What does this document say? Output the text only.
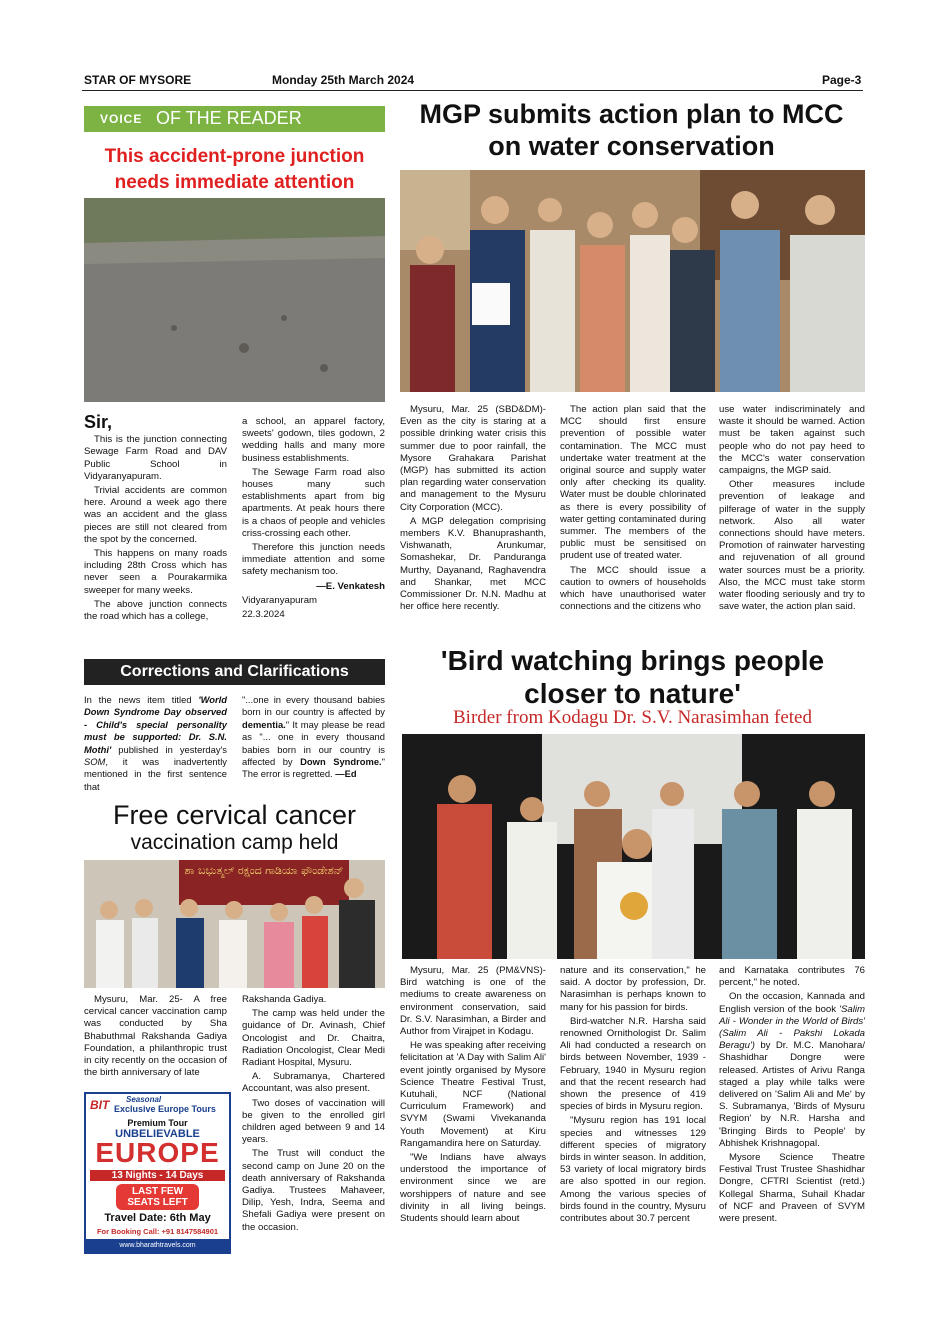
STAR OF MYSORE	Monday 25th March 2024	Page-3
VOICE OF THE READER
This accident-prone junction
needs immediate attention

Sir,

This is the junction connecting Sewage Farm Road and DAV Public School in Vidyaranyapuram.

Trivial accidents are common here. Around a week ago there was an accident and the glass pieces are still not cleared from the spot by the concerned.

This happens on many roads including 28th Cross which has never seen a Pourakarmika sweeper for many weeks.

The above junction connects the road which has a college,

a school, an apparel factory, sweets' godown, tiles godown, 2 wedding halls and many more business establishments.

The Sewage Farm road also houses many such establishments apart from big apartments. At peak hours there is a chaos of people and vehicles criss-crossing each other.

Therefore this junction needs immediate attention and some safety mechanism too.

—E. Venkatesh

Vidyaranyapuram

22.3.2024

MGP submits action plan to MCC
on water conservation

Mysuru, Mar. 25 (SBD&DM)- Even as the city is staring at a possible drinking water crisis this summer due to poor rainfall, the Mysore Grahakara Parishat (MGP) has submitted its action plan regarding water conservation and management to the Mysuru City Corporation (MCC).

A MGP delegation comprising members K.V. Bhanuprashanth, Vishwanath, Arunkumar, Somashekar, Dr. Panduranga Murthy, Dayanand, Raghavendra and Shankar, met MCC Commissioner Dr. N.N. Madhu at her office here recently.

The action plan said that the MCC should first ensure prevention of possible water contamination. The MCC must undertake water treatment at the original source and supply water only after checking its quality. Water must be double chlorinated as there is every possibility of water getting contaminated during summer. The members of the public must be sensitised on prudent use of treated water.

The MCC should issue a caution to owners of households which have unauthorised water connections and the citizens who

use water indiscriminately and waste it should be warned. Action must be taken against such people who do not pay heed to the MCC's water conservation campaigns, the MGP said.

Other measures include prevention of leakage and pilferage of water in the supply network. Also all water connections should have meters. Promotion of rainwater harvesting and rejuvenation of all ground water sources must be a priority. Also, the MCC must take storm water flooding seriously and try to save water, the action plan said.

Corrections and Clarifications
In the news item titled 'World Down Syndrome Day observed - Child's special personality must be supported: Dr. S.N. Mothi' published in yesterday's SOM, it was inadvertently mentioned in the first sentence that
"...one in every thousand babies born in our country is affected by dementia." It may please be read as "... one in every thousand babies born in our country is affected by Down Syndrome." The error is regretted. —Ed
Free cervical cancer
vaccination camp held
ಶಾ ಬಭುತ್ಮಲ್ ರಕ್ಷಂದ ಗಾಡಿಯಾ ಫೌಂಡೇಶನ್

Mysuru, Mar. 25- A free cervical cancer vaccination camp was conducted by Sha Bhabuthmal Rakshanda Gadiya Foundation, a philanthropic trust in city recently on the occasion of the birth anniversary of late

Rakshanda Gadiya.

The camp was held under the guidance of Dr. Avinash, Chief Oncologist and Dr. Chaitra, Radiation Oncologist, Clear Medi Radiant Hospital, Mysuru.

A. Subramanya, Chartered Accountant, was also present.

Two doses of vaccination will be given to the enrolled girl children aged between 9 and 14 years.

The Trust will conduct the second camp on June 20 on the death anniversary of Rakshanda Gadiya. Trustees Mahaveer, Dilip, Yesh, Indra, Seema and Shefali Gadiya were present on the occasion.

BIT Seasonal
Exclusive Europe Tours
Premium Tour
UNBELIEVABLE
EUROPE
13 Nights - 14 Days
LAST FEW
SEATS LEFT
Travel Date: 6th May
For Booking Call: +91 8147584901
www.bharathtravels.com
'Bird watching brings people
closer to nature'
Birder from Kodagu Dr. S.V. Narasimhan feted

Mysuru, Mar. 25 (PM&VNS)- Bird watching is one of the mediums to create awareness on environment conservation, said Dr. S.V. Narasimhan, a Birder and Author from Virajpet in Kodagu.

He was speaking after receiving felicitation at 'A Day with Salim Ali' event jointly organised by Mysore Science Theatre Festival Trust, Kutuhali, NCF (National Curriculum Framework) and SVYM (Swami Vivekananda Youth Movement) at Kiru Rangamandira here on Saturday.

"We Indians have always understood the importance of environment since we are worshippers of nature and see divinity in all living beings. Students should learn about

nature and its conservation," he said. A doctor by profession, Dr. Narasimhan is perhaps known to many for his passion for birds.

Bird-watcher N.R. Harsha said renowned Ornithologist Dr. Salim Ali had conducted a research on birds between November, 1939 - February, 1940 in Mysuru region and that the recent research had shown the presence of 419 species of birds in Mysuru region.

"Mysuru region has 191 local species and witnesses 129 different species of migratory birds in winter season. In addition, 53 variety of local migratory birds are also spotted in our region. Among the various species of birds found in the country, Mysuru contributes about 30.7 percent

and Karnataka contributes 76 percent," he noted.

On the occasion, Kannada and English version of the book 'Salim Ali - Wonder in the World of Birds' (Salim Ali - Pakshi Lokada Beragu') by Dr. M.C. Manohara/ Shashidhar Dongre were released. Artistes of Arivu Ranga staged a play while talks were delivered on 'Salim Ali and Me' by S. Subramanya, 'Birds of Mysuru Region' by N.R. Harsha and 'Bringing Birds to People' by Abhishek Krishnagopal.

Mysore Science Theatre Festival Trust Trustee Shashidhar Dongre, CFTRI Scientist (retd.) Kollegal Sharma, Suhail Khadar of NCF and Praveen of SVYM were present.
